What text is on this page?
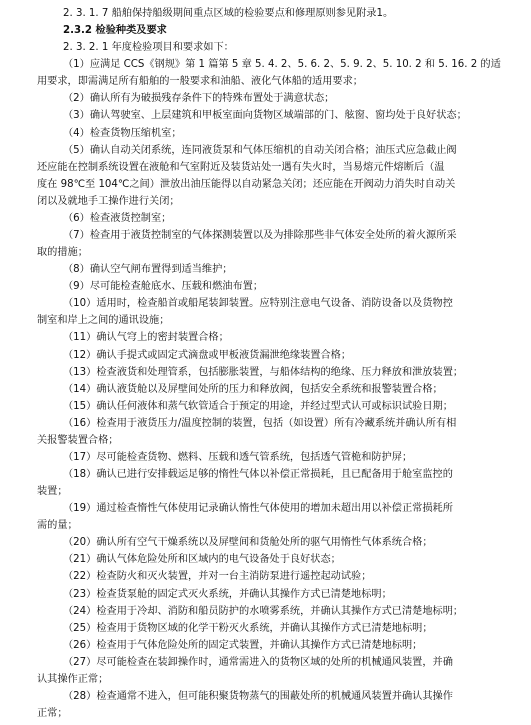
2. 3. 1. 7 船舶保持船级期间重点区域的检验要点和修理原则参见附录1。
2.3.2 检验种类及要求
2. 3. 2. 1 年度检验项目和要求如下：
（1）应满足 CCS《钢规》第 1 篇第 5 章 5. 4. 2、5. 6. 2、5. 9. 2、5. 10. 2 和 5. 16. 2 的适
用要求，即需满足所有船舶的一般要求和油船、液化气体船的适用要求；
（2）确认所有为破损残存条件下的特殊布置处于满意状态；
（3）确认驾驶室、上层建筑和甲板室面向货物区域端部的门、舷窗、窗均处于良好状态；
（4）检查货物压缩机室；
（5）确认自动关闭系统，连同液货泵和气体压缩机的自动关闭合格；油压式应急截止阀
还应能在控制系统设置在液舱和气室附近及装货站处一遇有失火时，当易熔元件熔断后（温
度在 98℃至 104℃之间）泄放出油压能得以自动紧急关闭；还应能在开阀动力消失时自动关
闭以及就地手工操作进行关闭；
（6）检查液货控制室；
（7）检查用于液货控制室的气体探测装置以及为排除那些非气体安全处所的着火源所采
取的措施；
（8）确认空气闸布置得到适当维护；
（9）尽可能检查舱底水、压载和燃油布置；
（10）适用时，检查船首或船尾装卸装置。应特别注意电气设备、消防设备以及货物控
制室和岸上之间的通讯设施；
（11）确认气穹上的密封装置合格；
（12）确认手提式或固定式滴盘或甲板液货漏泄绝缘装置合格；
（13）检查液货和处理管系，包括膨胀装置，与船体结构的绝缘、压力释放和泄放装置；
（14）确认液货舱以及屏壁间处所的压力和释放阀，包括安全系统和报警装置合格；
（15）确认任何液体和蒸气软管适合于预定的用途，并经过型式认可或标识试验日期；
（16）检查用于液货压力/温度控制的装置，包括（如设置）所有冷藏系统并确认所有相
关报警装置合格；
（17）尽可能检查货物、燃料、压载和透气管系统，包括透气管桅和防护屏；
（18）确认已进行安排载运足够的惰性气体以补偿正常损耗，且已配备用于舱室监控的
装置；
（19）通过检查惰性气体使用记录确认惰性气体使用的增加未超出用以补偿正常损耗所
需的量；
（20）确认所有空气干燥系统以及屏壁间和货舱处所的驱气用惰性气体系统合格；
（21）确认气体危险处所和区域内的电气设备处于良好状态；
（22）检查防火和灭火装置，并对一台主消防泵进行遥控起动试验；
（23）检查货泵舱的固定式灭火系统，并确认其操作方式已清楚地标明；
（24）检查用于冷却、消防和船员防护的水喷雾系统，并确认其操作方式已清楚地标明；
（25）检查用于货物区域的化学干粉灭火系统，并确认其操作方式已清楚地标明；
（26）检查用于气体危险处所的固定式装置，并确认其操作方式已清楚地标明；
（27）尽可能检查在装卸操作时，通常需进入的货物区域的处所的机械通风装置，并确
认其操作正常；
（28）检查通常不进入，但可能积聚货物蒸气的围蔽处所的机械通风装置并确认其操作
正常；
